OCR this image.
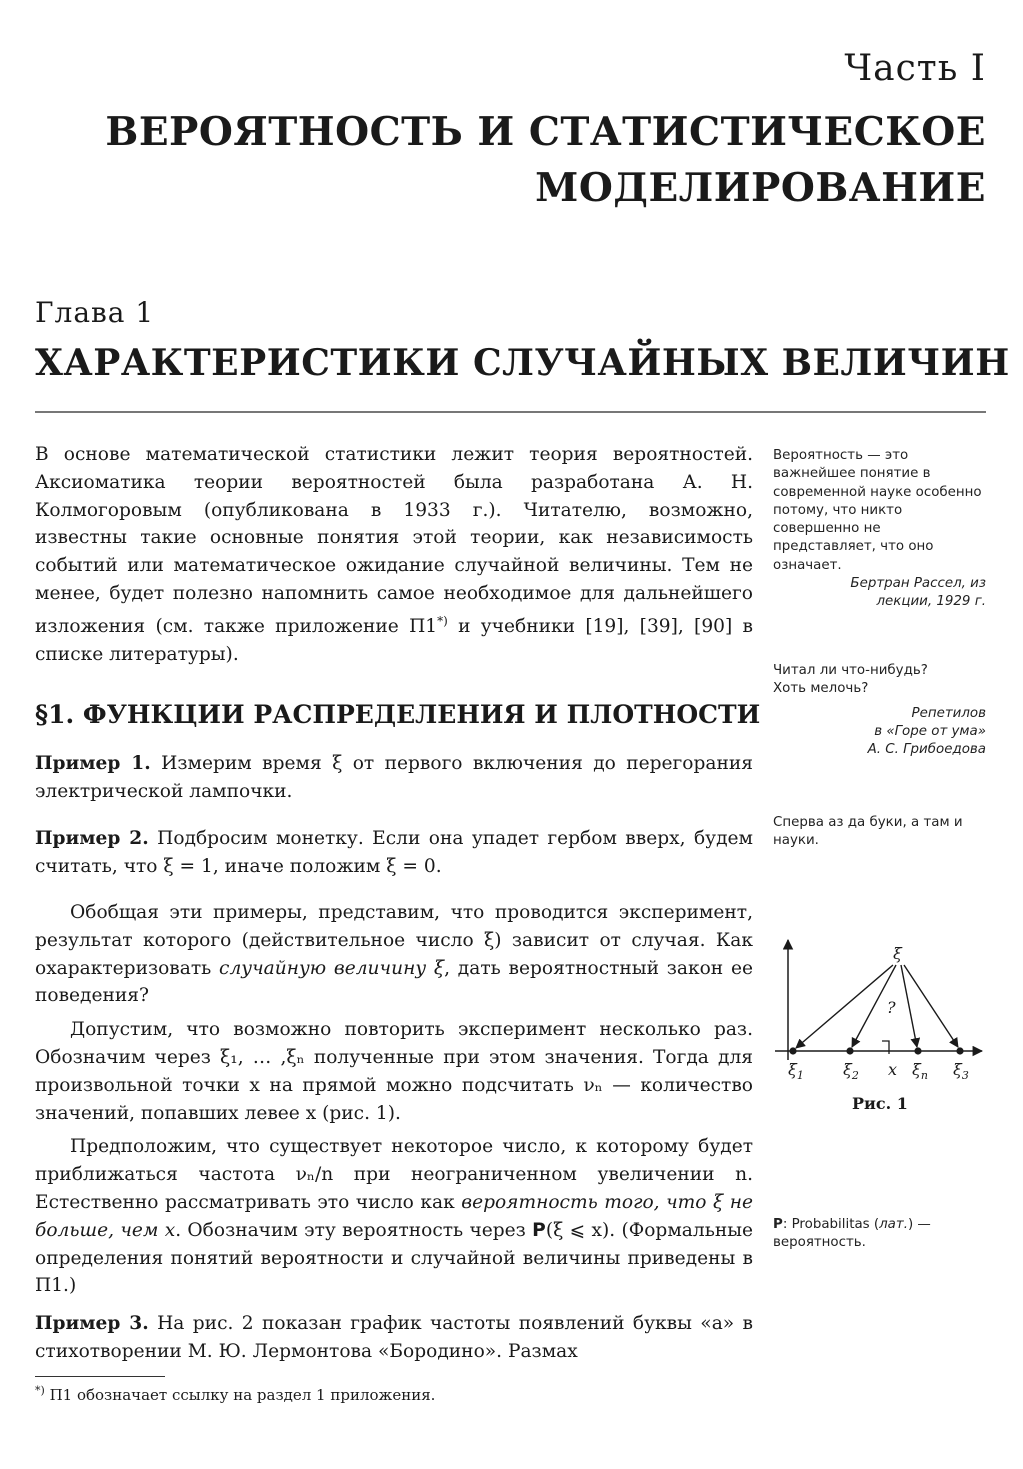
Часть I
ВЕРОЯТНОСТЬ И СТАТИСТИЧЕСКОЕ МОДЕЛИРОВАНИЕ
Глава 1
ХАРАКТЕРИСТИКИ СЛУЧАЙНЫХ ВЕЛИЧИН

В основе математической статистики лежит теория вероятностей. Аксиоматика теории вероятностей была разработана А. Н. Колмогоровым (опубликована в 1933 г.). Читателю, возможно, известны такие основные понятия этой теории, как независимость событий или математическое ожидание случайной величины. Тем не менее, будет полезно напомнить самое необходимое для дальнейшего изложения (см. также приложение П1*) и учебники [19], [39], [90] в списке литературы).

§1. ФУНКЦИИ РАСПРЕДЕЛЕНИЯ И ПЛОТНОСТИ

Пример 1. Измерим время ξ от первого включения до перегорания электрической лампочки.

Пример 2. Подбросим монетку. Если она упадет гербом вверх, будем считать, что ξ = 1, иначе положим ξ = 0.

Обобщая эти примеры, представим, что проводится эксперимент, результат которого (действительное число ξ) зависит от случая. Как охарактеризовать случайную величину ξ, дать вероятностный закон ее поведения?

Допустим, что возможно повторить эксперимент несколько раз. Обозначим через ξ₁, … ,ξₙ полученные при этом значения. Тогда для произвольной точки x на прямой можно подсчитать νₙ — количество значений, попавших левее x (рис. 1).

Предположим, что существует некоторое число, к которому будет приближаться частота νₙ/n при неограниченном увеличении n. Естественно рассматривать это число как вероятность того, что ξ не больше, чем x. Обозначим эту вероятность через P(ξ ⩽ x). (Формальные определения понятий вероятности и случайной величины приведены в П1.)

Пример 3. На рис. 2 показан график частоты появлений буквы «а» в стихотворении М. Ю. Лермонтова «Бородино». Размах

*) П1 обозначает ссылку на раздел 1 приложения.

Вероятность — это важнейшее понятие в современной науке особенно потому, что никто совершенно не представляет, что оно означает.

Бертран Рассел, из лекции, 1929 г.

Читал ли что-нибудь? Хоть мелочь?

Репетилов

в «Горе от ума»

А. С. Грибоедова

Сперва аз да буки, а там и науки.

ξ
?
$\xi_1$ $\xi_2$ x $\xi_n$ $\xi_3$
Рис. 1

P: Probabilitas (лат.) — вероятность.
